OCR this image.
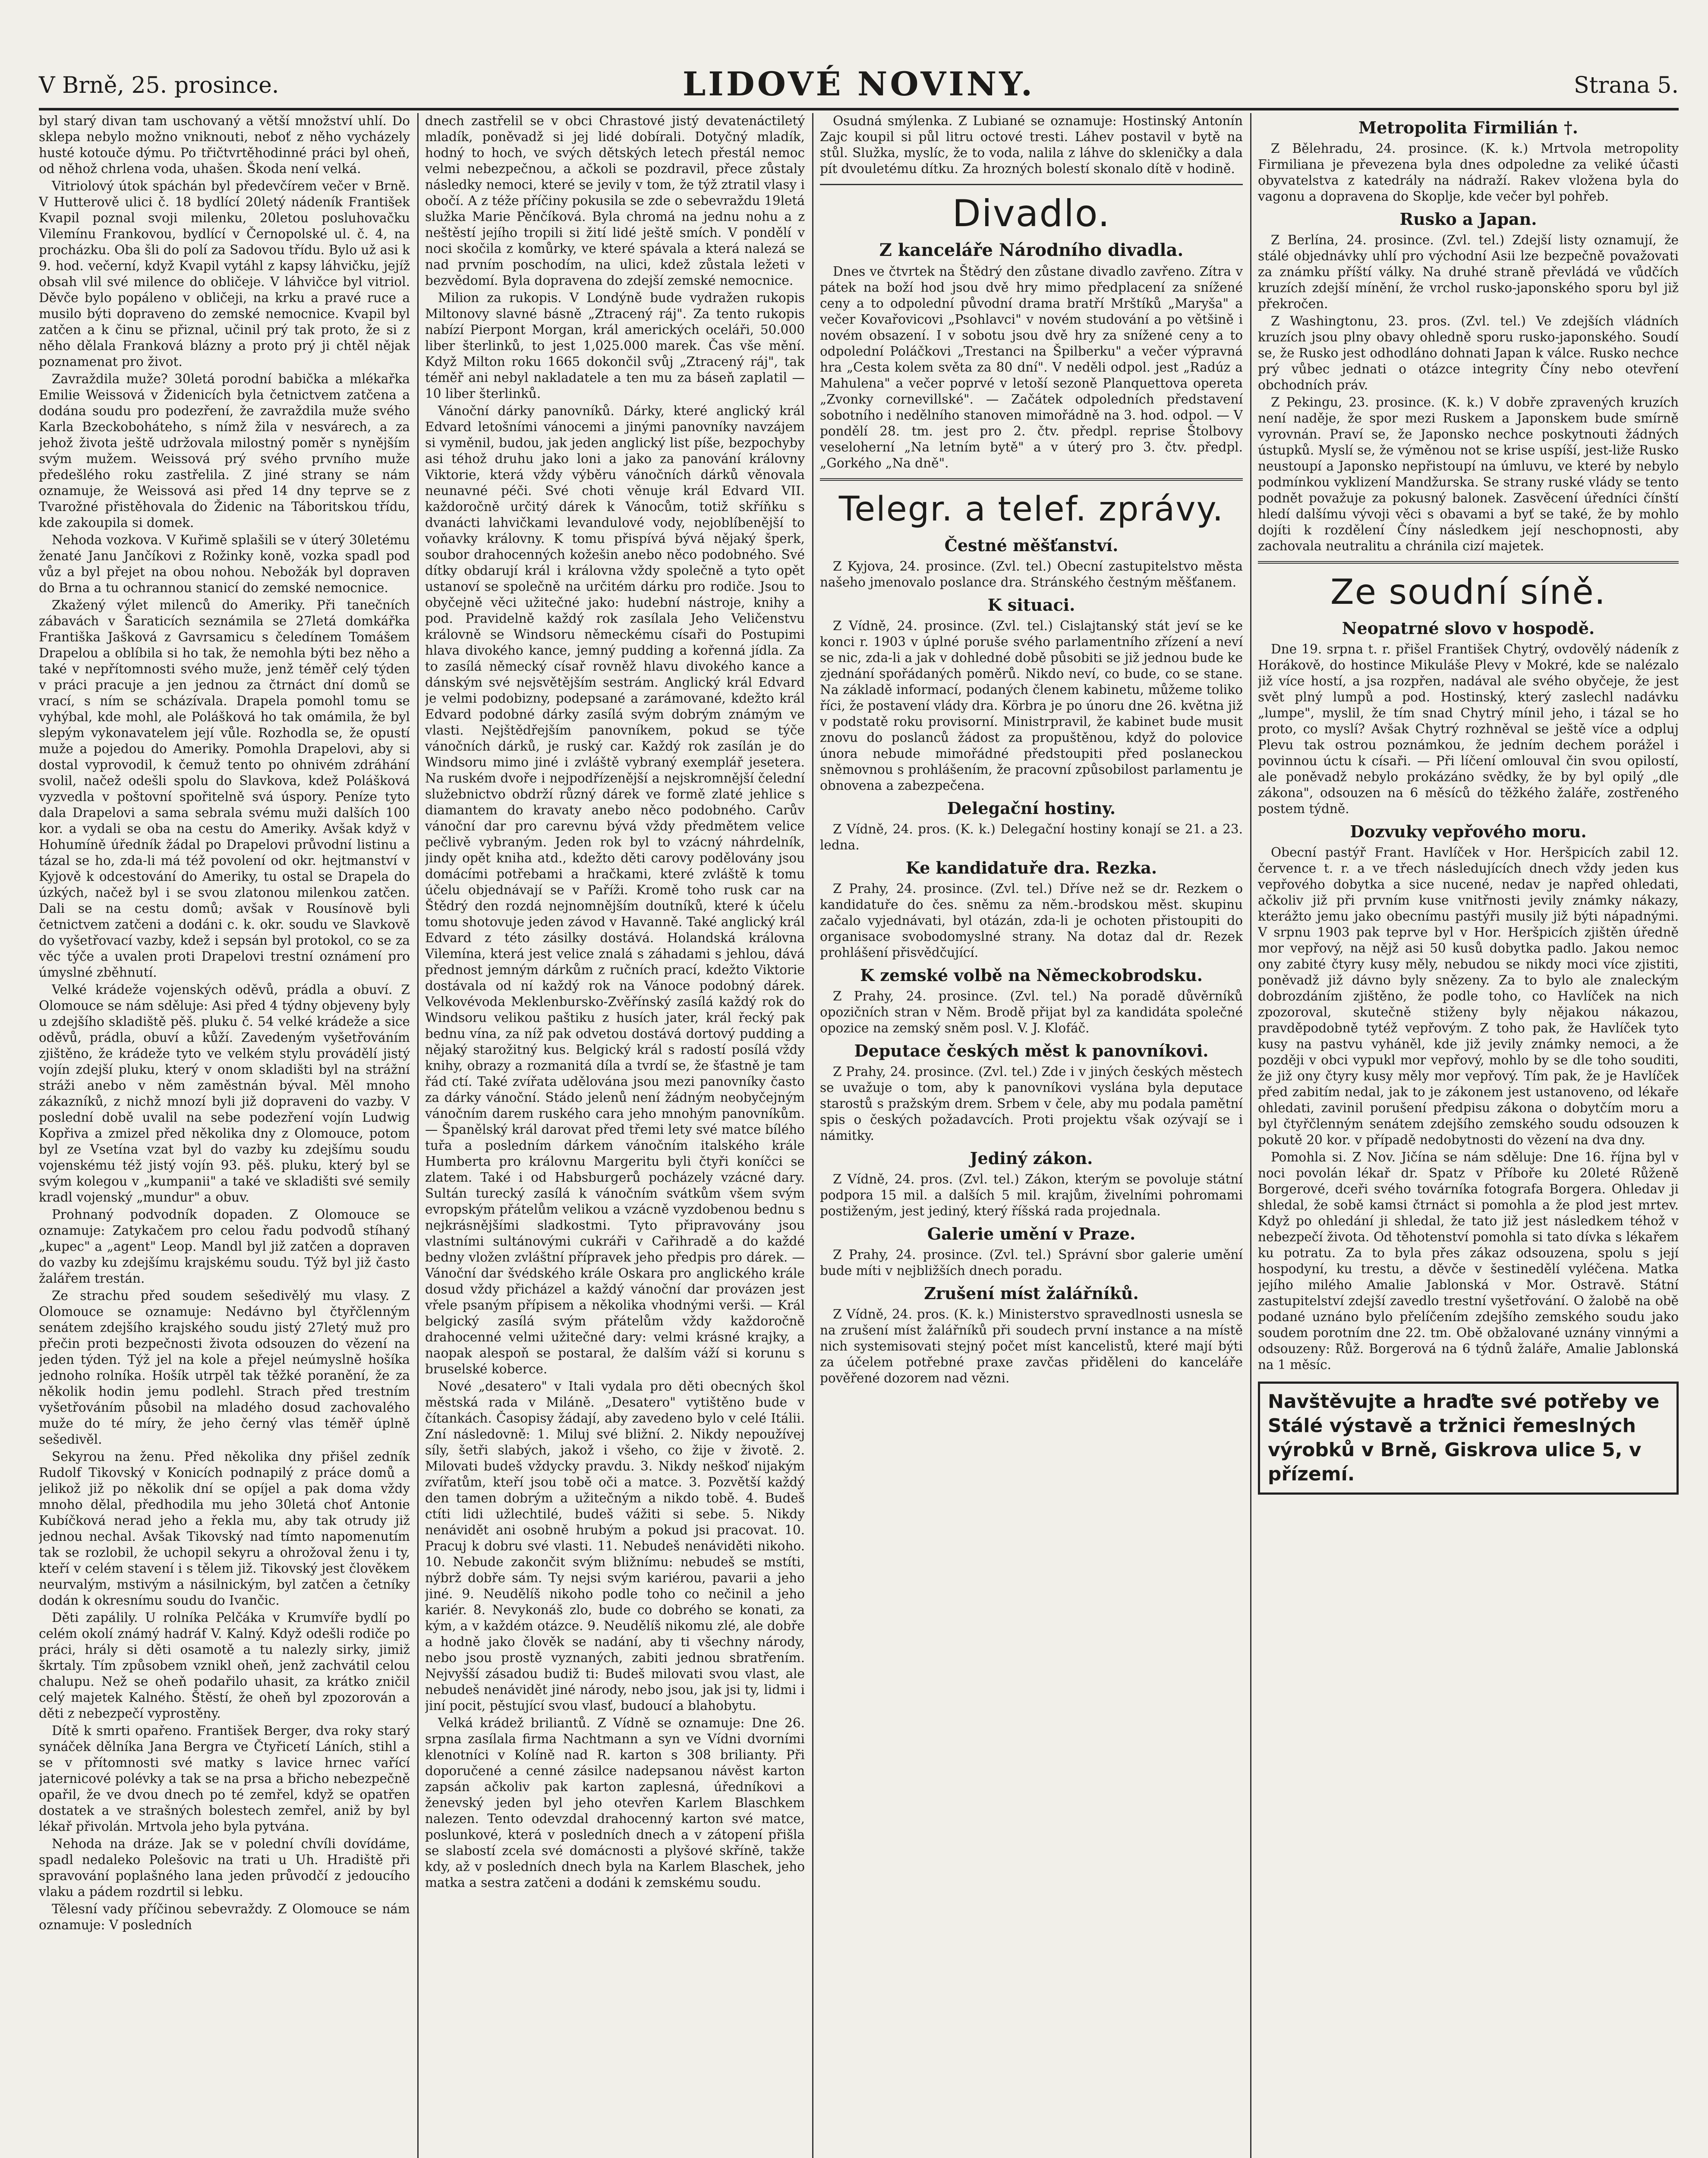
V Brně, 25. prosince.	LIDOVÉ NOVINY.	Strana 5.

byl starý divan tam uschovaný a větší množství uhlí. Do sklepa nebylo možno vniknouti, neboť z něho vycházely husté kotouče dýmu. Po třičtvrtěhodinné práci byl oheň, od něhož chrlena voda, uhašen. Škoda není velká.

Vitriolový útok spáchán byl předevčírem večer v Brně. V Hutterově ulici č. 18 bydlící 20letý nádeník František Kvapil poznal svoji milenku, 20letou posluhovačku Vilemínu Frankovou, bydlící v Černopolské ul. č. 4, na procházku. Oba šli do polí za Sadovou třídu. Bylo už asi k 9. hod. večerní, když Kvapil vytáhl z kapsy láhvičku, jejíž obsah vlil své milence do obličeje. V láhvičce byl vitriol. Děvče bylo popáleno v obličeji, na krku a pravé ruce a musilo býti dopraveno do zemské nemocnice. Kvapil byl zatčen a k činu se přiznal, učinil prý tak proto, že si z něho dělala Franková blázny a proto prý ji chtěl nějak poznamenat pro život.

Zavraždila muže? 30letá porodní babička a mlékařka Emilie Weissová v Židenicích byla četnictvem zatčena a dodána soudu pro podezření, že zavraždila muže svého Karla Bzeckoboháteho, s nímž žila v nesvárech, a za jehož života ještě udržovala milostný poměr s nynějším svým mužem. Weissová prý svého prvního muže předešlého roku zastřelila. Z jiné strany se nám oznamuje, že Weissová asi před 14 dny teprve se z Tvarožné přistěhovala do Židenic na Táboritskou třídu, kde zakoupila si domek.

Nehoda vozkova. V Kuřimě splašili se v úterý 30letému ženaté Janu Jančíkovi z Rožinky koně, vozka spadl pod vůz a byl přejet na obou nohou. Nebožák byl dopraven do Brna a tu ochrannou stanicí do zemské nemocnice.

Zkažený výlet milenců do Ameriky. Při tanečních zábavách v Šaraticích seznámila se 27letá domkářka Františka Jašková z Gavrsamicu s čeledínem Tomášem Drapelou a oblíbila si ho tak, že nemohla býti bez něho a také v nepřítomnosti svého muže, jenž téměř celý týden v práci pracuje a jen jednou za čtrnáct dní domů se vrací, s ním se scházívala. Drapela pomohl tomu se vyhýbal, kde mohl, ale Polášková ho tak omámila, že byl slepým vykonavatelem její vůle. Rozhodla se, že opustí muže a pojedou do Ameriky. Pomohla Drapelovi, aby si dostal vyprovodil, k čemuž tento po ohnivém zdráhání svolil, načež odešli spolu do Slavkova, kdež Polášková vyzvedla v poštovní spořitelně svá úspory. Peníze tyto dala Drapelovi a sama sebrala svému muži dalších 100 kor. a vydali se oba na cestu do Ameriky. Avšak když v Hohumíně úředník žádal po Drapelovi průvodní listinu a tázal se ho, zda-li má též povolení od okr. hejtmanství v Kyjově k odcestování do Ameriky, tu ostal se Drapela do úzkých, načež byl i se svou zlatonou milenkou zatčen. Dali se na cestu domů; avšak v Rousínově byli četnictvem zatčeni a dodáni c. k. okr. soudu ve Slavkově do vyšetřovací vazby, kdež i sepsán byl protokol, co se za věc týče a uvalen proti Drapelovi trestní oznámení pro úmyslné zběhnutí.

Velké krádeže vojenských oděvů, prádla a obuví. Z Olomouce se nám sděluje: Asi před 4 týdny objeveny byly u zdejšího skladiště pěš. pluku č. 54 velké krádeže a sice oděvů, prádla, obuví a kůží. Zavedeným vyšetřováním zjištěno, že krádeže tyto ve velkém stylu provádělí jistý vojín zdejší pluku, který v onom skladišti byl na strážní stráži anebo v něm zaměstnán býval. Měl mnoho zákazníků, z nichž mnozí byli již dopraveni do vazby. V poslední době uvalil na sebe podezření vojín Ludwig Kopřiva a zmizel před několika dny z Olomouce, potom byl ze Vsetína vzat byl do vazby ku zdejšímu soudu vojenskému též jistý vojín 93. pěš. pluku, který byl se svým kolegou v „kumpanii" a také ve skladišti své semily kradl vojenský „mundur" a obuv.

Prohnaný podvodník dopaden. Z Olomouce se oznamuje: Zatykačem pro celou řadu podvodů stíhaný „kupec" a „agent" Leop. Mandl byl již zatčen a dopraven do vazby ku zdejšímu krajskému soudu. Týž byl již často žalářem trestán.

Ze strachu před soudem sešedivělý mu vlasy. Z Olomouce se oznamuje: Nedávno byl čtyřčlenným senátem zdejšího krajského soudu jistý 27letý muž pro přečin proti bezpečnosti života odsouzen do vězení na jeden týden. Týž jel na kole a přejel neúmyslně hošíka jednoho rolníka. Hošík utrpěl tak těžké poranění, že za několik hodin jemu podlehl. Strach před trestním vyšetřováním působil na mladého dosud zachovalého muže do té míry, že jeho černý vlas téměř úplně sešedivěl.

Sekyrou na ženu. Před několika dny přišel zedník Rudolf Tikovský v Konicích podnapilý z práce domů a jelikož již po několik dní se opíjel a pak doma vždy mnoho dělal, předhodila mu jeho 30letá choť Antonie Kubíčková nerad jeho a řekla mu, aby tak otrudy již jednou nechal. Avšak Tikovský nad tímto napomenutím tak se rozlobil, že uchopil sekyru a ohrožoval ženu i ty, kteří v celém stavení i s tělem již. Tikovský jest člověkem neurvalým, mstivým a násilnickým, byl zatčen a četníky dodán k okresnímu soudu do Ivančic.

Děti zapálily. U rolníka Pelčáka v Krumvíře bydlí po celém okolí známý hadráf V. Kalný. Když odešli rodiče po práci, hrály si děti osamotě a tu nalezly sirky, jimiž škrtaly. Tím způsobem vznikl oheň, jenž zachvátil celou chalupu. Než se oheň podařilo uhasit, za krátko zničil celý majetek Kalného. Štěstí, že oheň byl zpozorován a děti z nebezpečí vyprostěny.

Dítě k smrti opařeno. František Berger, dva roky starý synáček dělníka Jana Bergra ve Čtyřicetí Láních, stihl a se v přítomnosti své matky s lavice hrnec vařící jaternicové polévky a tak se na prsa a břicho nebezpečně opařil, že ve dvou dnech po té zemřel, když se opatřen dostatek a ve strašných bolestech zemřel, aniž by byl lékař přivolán. Mrtvola jeho byla pytvána.

Nehoda na dráze. Jak se v polední chvíli dovídáme, spadl nedaleko Polešovic na trati u Uh. Hradiště při spravování poplašného lana jeden průvodčí z jedoucího vlaku a pádem rozdrtil si lebku.

Tělesní vady příčinou sebevraždy. Z Olomouce se nám oznamuje: V posledních

dnech zastřelil se v obci Chrastové jistý devatenáctiletý mladík, poněvadž si jej lidé dobírali. Dotyčný mladík, hodný to hoch, ve svých dětských letech přestál nemoc velmi nebezpečnou, a ačkoli se pozdravil, přece zůstaly následky nemoci, které se jevily v tom, že týž ztratil vlasy i obočí. A z téže příčiny pokusila se zde o sebevraždu 19letá služka Marie Pěnčíková. Byla chromá na jednu nohu a z neštěstí jejího tropili si žití lidé ještě smích. V pondělí v noci skočila z komůrky, ve které spávala a která nalezá se nad prvním poschodím, na ulici, kdež zůstala ležeti v bezvědomí. Byla dopravena do zdejší zemské nemocnice.

Milion za rukopis. V Londýně bude vydražen rukopis Miltonovy slavné básně „Ztracený ráj". Za tento rukopis nabízí Pierpont Morgan, král amerických oceláři, 50.000 liber šterlinků, to jest 1,025.000 marek. Čas vše mění. Když Milton roku 1665 dokončil svůj „Ztracený ráj", tak téměř ani nebyl nakladatele a ten mu za báseň zaplatil — 10 liber šterlinků.

Vánoční dárky panovníků. Dárky, které anglický král Edvard letošními vánocemi a jinými panovníky navzájem si vyměnil, budou, jak jeden anglický list píše, bezpochyby asi téhož druhu jako loni a jako za panování královny Viktorie, která vždy výběru vánočních dárků věnovala neunavné péči. Své choti věnuje král Edvard VII. každoročně určitý dárek k Vánocům, totiž skříňku s dvanácti lahvičkami levandulové vody, nejoblíbenější to voňavky královny. K tomu přispívá bývá nějaký šperk, soubor drahocenných kožešin anebo něco podobného. Své dítky obdarují král i královna vždy společně a tyto opět ustanoví se společně na určitém dárku pro rodiče. Jsou to obyčejně věci užitečné jako: hudební nástroje, knihy a pod. Pravidelně každý rok zasílala Jeho Veličenstvu královně se Windsoru německému císaři do Postupimi hlava divokého kance, jemný pudding a kořenná jídla. Za to zasílá německý císař rovněž hlavu divokého kance a dánským své nejsvětějším sestrám. Anglický král Edvard je velmi podobizny, podepsané a zarámované, kdežto král Edvard podobné dárky zasílá svým dobrým známým ve vlasti. Nejštědřejším panovníkem, pokud se týče vánočních dárků, je ruský car. Každý rok zasílán je do Windsoru mimo jiné i zvláště vybraný exemplář jesetera. Na ruském dvoře i nejpodřízenější a nejskromnější čelední služebnictvo obdrží různý dárek ve formě zlaté jehlice s diamantem do kravaty anebo něco podobného. Carův vánoční dar pro carevnu bývá vždy předmětem velice pečlivě vybraným. Jeden rok byl to vzácný náhrdelník, jindy opět kniha atd., kdežto děti carovy podělovány jsou domácími potřebami a hračkami, které zvláště k tomu účelu objednávají se v Paříži. Kromě toho rusk car na Štědrý den rozdá nejnomnějším doutníků, které k účelu tomu shotovuje jeden závod v Havanně. Také anglický král Edvard z této zásilky dostává. Holandská královna Vilemína, která jest velice znalá s záhadami s jehlou, dává přednost jemným dárkům z ručních prací, kdežto Viktorie dostávala od ní každý rok na Vánoce podobný dárek. Velkovévoda Meklenbursko-Zvěřínský zasílá každý rok do Windsoru velikou paštiku z husích jater, král řecký pak bednu vína, za níž pak odvetou dostává dortový pudding a nějaký starožitný kus. Belgický král s radostí posílá vždy knihy, obrazy a rozmanitá díla a tvrdí se, že šťastně je tam řád ctí. Také zvířata udělována jsou mezi panovníky často za dárky vánoční. Stádo jelenů není žádným neobyčejným vánočním darem ruského cara jeho mnohým panovníkům. — Španělský král darovat před třemi lety své matce bílého tuřa a posledním dárkem vánočním italského krále Humberta pro královnu Margeritu byli čtyři koníčci se zlatem. Také i od Habsburgerů pocházely vzácné dary. Sultán turecký zasílá k vánočním svátkům všem svým evropským přátelům velikou a vzácně vyzdobenou bednu s nejkrásnějšími sladkostmi. Tyto připravovány jsou vlastními sultánovými cukráři v Cařihradě a do každé bedny vložen zvláštní přípravek jeho předpis pro dárek. — Vánoční dar švédského krále Oskara pro anglického krále dosud vždy přicházel a každý vánoční dar provázen jest vřele psaným přípisem a několika vhodnými verši. — Král belgický zasílá svým přátelům vždy každoročně drahocenné velmi užitečné dary: velmi krásné krajky, a naopak alespoň se postaral, že dalším váží si korunu s bruselské koberce.

Nové „desatero" v Itali vydala pro děti obecných škol městská rada v Miláně. „Desatero" vytištěno bude v čítankách. Časopisy žádají, aby zavedeno bylo v celé Itálii. Zní následovně: 1. Miluj své bližní. 2. Nikdy nepoužívej síly, šetři slabých, jakož i všeho, co žije v životě. 2. Milovati budeš vždycky pravdu. 3. Nikdy neškoď nijakým zvířatům, kteří jsou tobě oči a matce. 3. Pozvětší každý den tamen dobrým a užitečným a nikdo tobě. 4. Budeš ctíti lidi užlechtilé, budeš vážiti si sebe. 5. Nikdy nenávidět ani osobně hrubým a pokud jsi pracovat. 10. Pracuj k dobru své vlasti. 11. Nebudeš nenáviděti nikoho. 10. Nebude zakončit svým bližnímu: nebudeš se mstíti, nýbrž dobře sám. Ty nejsi svým kariérou, pavarii a jeho jiné. 9. Neudělíš nikoho podle toho co nečinil a jeho kariér. 8. Nevykonáš zlo, bude co dobrého se konati, za kým, a v každém otázce. 9. Neudělíš nikomu zlé, ale dobře a hodně jako člověk se nadání, aby ti všechny národy, nebo jsou prostě vyznaných, zabiti jednou sbratřením. Nejvyšší zásadou budiž ti: Budeš milovati svou vlast, ale nebudeš nenávidět jiné národy, nebo jsou, jak jsi ty, lidmi i jiní pocit, pěstující svou vlasť, budoucí a blahobytu.

Velká krádež briliantů. Z Vídně se oznamuje: Dne 26. srpna zasílala firma Nachtmann a syn ve Vídni dvorními klenotníci v Kolíně nad R. karton s 308 brilianty. Při doporučené a cenné zásilce nadepsanou návěst karton zapsán ačkoliv pak karton zaplesná, úředníkovi a ženevský jeden byl jeho otevřen Karlem Blaschkem nalezen. Tento odevzdal drahocenný karton své matce, poslunkové, která v posledních dnech a v zátopení přišla se slabostí zcela své domácnosti a plyšové skříně, takže kdy, až v posledních dnech byla na Karlem Blaschek, jeho matka a sestra zatčeni a dodáni k zemskému soudu.

Osudná smýlenka. Z Lubiané se oznamuje: Hostinský Antonín Zajc koupil si půl litru octové tresti. Láhev postavil v bytě na stůl. Služka, myslíc, že to voda, nalila z láhve do skleničky a dala pít dvouletému dítku. Za hrozných bolestí skonalo dítě v hodině.

Divadlo.
Z kanceláře Národního divadla.

Dnes ve čtvrtek na Štědrý den zůstane divadlo zavřeno. Zítra v pátek na boží hod jsou dvě hry mimo předplacení za snížené ceny a to odpolední původní drama bratří Mrštíků „Maryša" a večer Kovařovicovi „Psohlavci" v novém studování a po většině i novém obsazení. I v sobotu jsou dvě hry za snížené ceny a to odpolední Poláčkovi „Trestanci na Špilberku" a večer výpravná hra „Cesta kolem světa za 80 dní". V neděli odpol. jest „Radúz a Mahulena" a večer poprvé v letoší sezoně Planquettova opereta „Zvonky cornevillské". — Začátek odpoledních představení sobotního i nedělního stanoven mimořádně na 3. hod. odpol. — V pondělí 28. tm. jest pro 2. čtv. předpl. reprise Štolbovy veseloherní „Na letním bytě" a v úterý pro 3. čtv. předpl. „Gorkého „Na dně".

Telegr. a telef. zprávy.
Čestné měšťanství.

Z Kyjova, 24. prosince. (Zvl. tel.) Obecní zastupitelstvo města našeho jmenovalo poslance dra. Stránského čestným měšťanem.

K situaci.

Z Vídně, 24. prosince. (Zvl. tel.) Cislajtanský stát jeví se ke konci r. 1903 v úplné poruše svého parlamentního zřízení a neví se nic, zda-li a jak v dohledné době působiti se již jednou bude ke zjednání spořádaných poměrů. Nikdo neví, co bude, co se stane. Na základě informací, podaných členem kabinetu, můžeme toliko říci, že postavení vlády dra. Körbra je po únoru dne 26. května již v podstatě roku provisorní. Ministrpravil, že kabinet bude musit znovu do poslanců žádost za propuštěnou, když do polovice února nebude mimořádné předstoupiti před poslaneckou sněmovnou s prohlášením, že pracovní způsobilost parlamentu je obnovena a zabezpečena.

Delegační hostiny.

Z Vídně, 24. pros. (K. k.) Delegační hostiny konají se 21. a 23. ledna.

Ke kandidatuře dra. Rezka.

Z Prahy, 24. prosince. (Zvl. tel.) Dříve než se dr. Rezkem o kandidatuře do čes. sněmu za něm.-brodskou měst. skupinu začalo vyjednávati, byl otázán, zda-li je ochoten přistoupiti do organisace svobodomyslné strany. Na dotaz dal dr. Rezek prohlášení přisvědčující.

K zemské volbě na Německobrodsku.

Z Prahy, 24. prosince. (Zvl. tel.) Na poradě důvěrníků opozičních stran v Něm. Brodě přijat byl za kandidáta společné opozice na zemský sněm posl. V. J. Klofáč.

Deputace českých měst k panovníkovi.

Z Prahy, 24. prosince. (Zvl. tel.) Zde i v jiných českých městech se uvažuje o tom, aby k panovníkovi vyslána byla deputace starostů s pražským drem. Srbem v čele, aby mu podala pamětní spis o českých požadavcích. Proti projektu však ozývají se i námitky.

Jediný zákon.

Z Vídně, 24. pros. (Zvl. tel.) Zákon, kterým se povoluje státní podpora 15 mil. a dalších 5 mil. krajům, živelními pohromami postiženým, jest jediný, který říšská rada projednala.

Galerie umění v Praze.

Z Prahy, 24. prosince. (Zvl. tel.) Správní sbor galerie umění bude míti v nejbližších dnech poradu.

Zrušení míst žalářníků.

Z Vídně, 24. pros. (K. k.) Ministerstvo spravedlnosti usnesla se na zrušení míst žalářníků při soudech první instance a na místě nich systemisovati stejný počet míst kancelistů, které mají býti za účelem potřebné praxe zavčas přiděleni do kanceláře pověřené dozorem nad vězni.

Metropolita Firmilián †.

Z Bělehradu, 24. prosince. (K. k.) Mrtvola metropolity Firmiliana je převezena byla dnes odpoledne za veliké účasti obyvatelstva z katedrály na nádraží. Rakev vložena byla do vagonu a dopravena do Skoplje, kde večer byl pohřeb.

Rusko a Japan.

Z Berlína, 24. prosince. (Zvl. tel.) Zdejší listy oznamují, že stálé objednávky uhlí pro východní Asii lze bezpečně považovati za známku příští války. Na druhé straně převládá ve vůdčích kruzích zdejší mínění, že vrchol rusko-japonského sporu byl již překročen.

Z Washingtonu, 23. pros. (Zvl. tel.) Ve zdejších vládních kruzích jsou plny obavy ohledně sporu rusko-japonského. Soudí se, že Rusko jest odhodláno dohnati Japan k válce. Rusko nechce prý vůbec jednati o otázce integrity Číny nebo otevření obchodních práv.

Z Pekingu, 23. prosince. (K. k.) V dobře zpravených kruzích není naděje, že spor mezi Ruskem a Japonskem bude smírně vyrovnán. Praví se, že Japonsko nechce poskytnouti žádných ústupků. Myslí se, že výměnou not se krise uspíší, jest-liže Rusko neustoupí a Japonsko nepřistoupí na úmluvu, ve které by nebylo podmínkou vyklizení Mandžurska. Se strany ruské vlády se tento podnět považuje za pokusný balonek. Zasvěcení úředníci čínští hledí dalšímu vývoji věci s obavami a byť se také, že by mohlo dojíti k rozdělení Číny následkem její neschopnosti, aby zachovala neutralitu a chránila cizí majetek.

Ze soudní síně.
Neopatrné slovo v hospodě.

Dne 19. srpna t. r. přišel František Chytrý, ovdovělý nádeník z Horákově, do hostince Mikuláše Plevy v Mokré, kde se nalézalo již více hostí, a jsa rozpřen, nadával ale svého obyčeje, že jest svět plný lumpů a pod. Hostinský, který zaslechl nadávku „lumpe", myslil, že tím snad Chytrý mínil jeho, i tázal se ho proto, co myslí? Avšak Chytrý rozhněval se ještě více a odpluj Plevu tak ostrou poznámkou, že jedním dechem porážel i povinnou úctu k císaři. — Při líčení omlouval čin svou opilostí, ale poněvadž nebylo prokázáno svědky, že by byl opilý „dle zákona", odsouzen na 6 měsíců do těžkého žaláře, zostřeného postem týdně.

Dozvuky vepřového moru.

Obecní pastýř Frant. Havlíček v Hor. Heršpicích zabil 12. července t. r. a ve třech následujících dnech vždy jeden kus vepřového dobytka a sice nucené, nedav je napřed ohledati, ačkoliv již při prvním kuse vnitřnosti jevily známky nákazy, kterážto jemu jako obecnímu pastýři musily již býti nápadnými. V srpnu 1903 pak teprve byl v Hor. Heršpicích zjištěn úředně mor vepřový, na nějž asi 50 kusů dobytka padlo. Jakou nemoc ony zabité čtyry kusy měly, nebudou se nikdy moci více zjistiti, poněvadž již dávno byly snězeny. Za to bylo ale znaleckým dobrozdáním zjištěno, že podle toho, co Havlíček na nich zpozoroval, skutečně stiženy byly nějakou nákazou, pravděpodobně tytéž vepřovým. Z toho pak, že Havlíček tyto kusy na pastvu vyháněl, kde již jevily známky nemoci, a že později v obci vypukl mor vepřový, mohlo by se dle toho souditi, že již ony čtyry kusy měly mor vepřový. Tím pak, že je Havlíček před zabitím nedal, jak to je zákonem jest ustanoveno, od lékaře ohledati, zavinil porušení předpisu zákona o dobytčím moru a byl čtyřčlenným senátem zdejšího zemského soudu odsouzen k pokutě 20 kor. v případě nedobytnosti do vězení na dva dny.

Pomohla si. Z Nov. Jičína se nám sděluje: Dne 16. října byl v noci povolán lékař dr. Spatz v Příboře ku 20leté Růženě Borgerové, dceři svého továrníka fotografa Borgera. Ohledav ji shledal, že sobě kamsi čtrnáct si pomohla a že plod jest mrtev. Když po ohledání ji shledal, že tato již jest následkem téhož v nebezpečí života. Od těhotenství pomohla si tato dívka s lékařem ku potratu. Za to byla přes zákaz odsouzena, spolu s její hospodyní, ku trestu, a děvče v šestinedělí vyléčena. Matka jejího milého Amalie Jablonská v Mor. Ostravě. Státní zastupitelství zdejší zavedlo trestní vyšetřování. O žalobě na obě podané uznáno bylo přelíčením zdejšího zemského soudu jako soudem porotním dne 22. tm. Obě obžalované uznány vinnými a odsouzeny: Růž. Borgerová na 6 týdnů žaláře, Amalie Jablonská na 1 měsíc.

Navštěvujte a hraďte své potřeby ve Stálé výstavě a tržnici řemeslných výrobků v Brně, Giskrova ulice 5, v přízemí.
